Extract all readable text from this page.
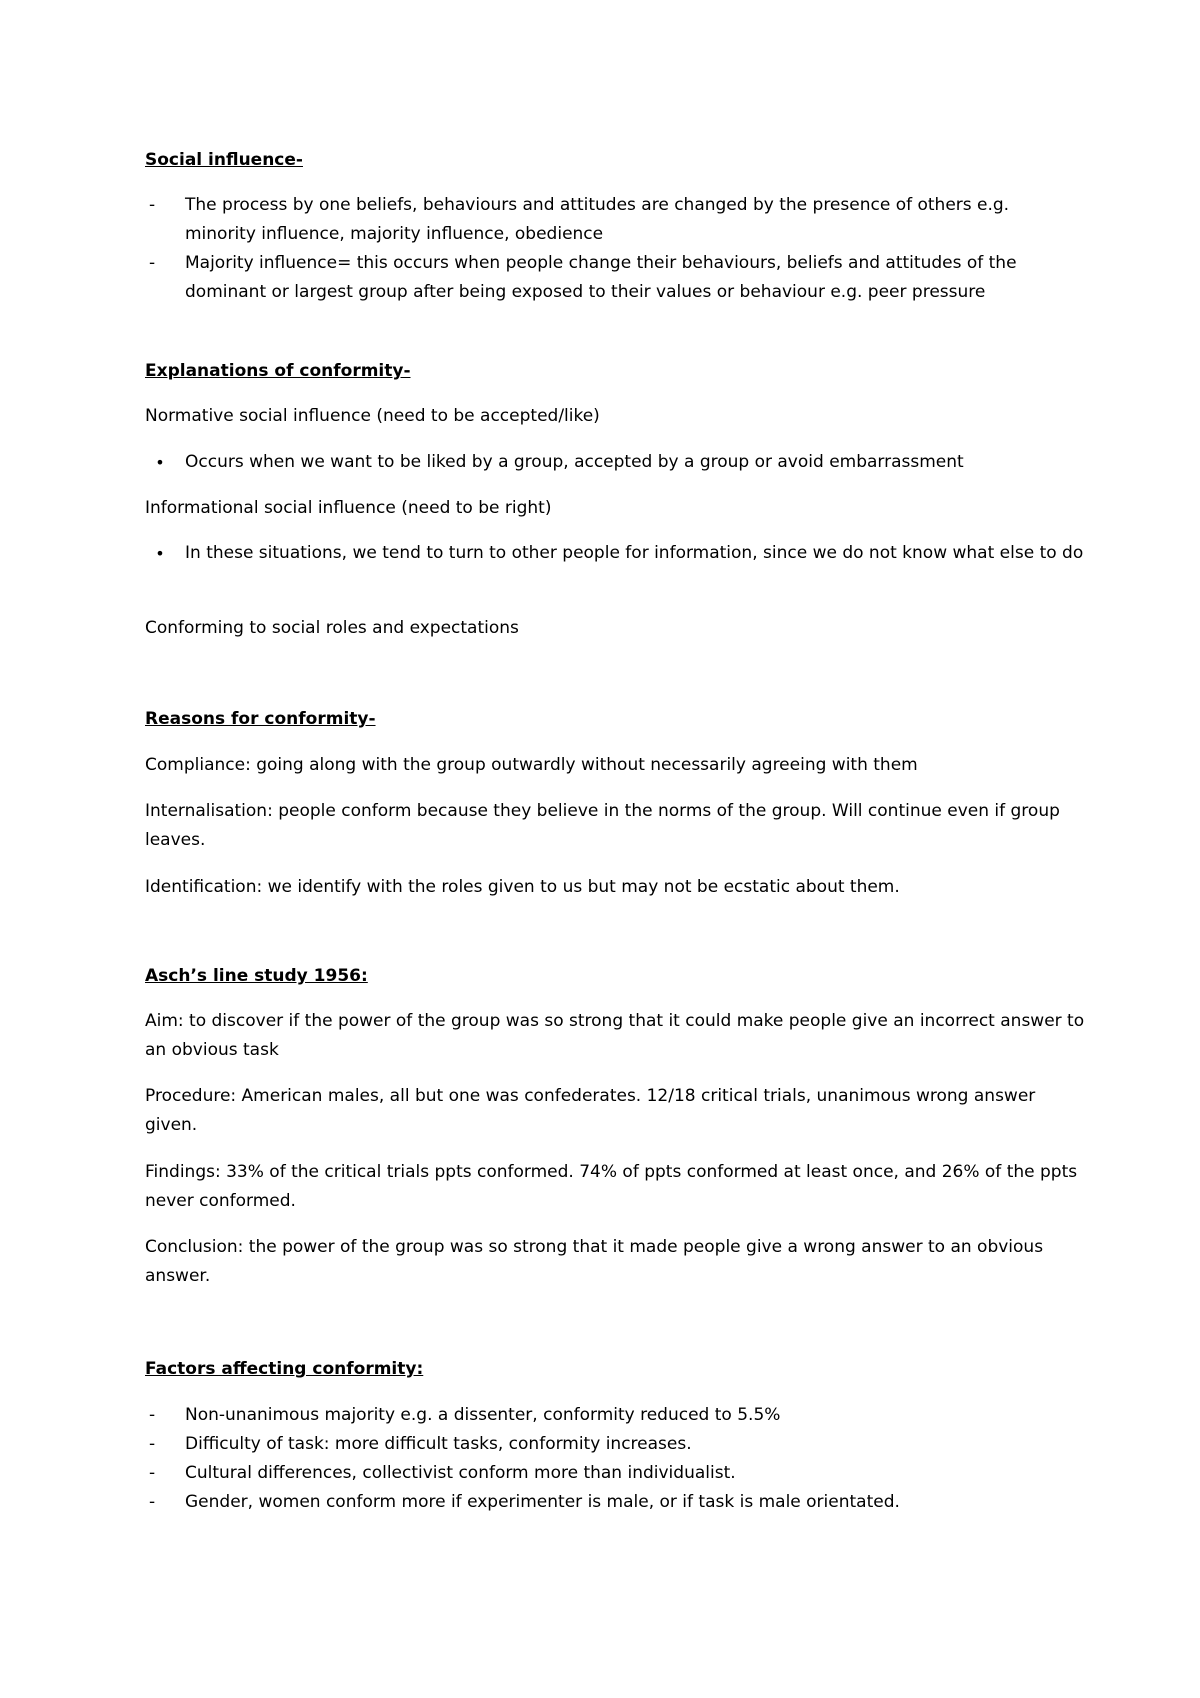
Social influence-
-	The process by one beliefs, behaviours and attitudes are changed by the presence of others e.g. minority influence, majority influence, obedience
-	Majority influence= this occurs when people change their behaviours, beliefs and attitudes of the dominant or largest group after being exposed to their values or behaviour e.g. peer pressure
Explanations of conformity-
Normative social influence (need to be accepted/like)
•	Occurs when we want to be liked by a group, accepted by a group or avoid embarrassment
Informational social influence (need to be right)
•	In these situations, we tend to turn to other people for information, since we do not know what else to do
Conforming to social roles and expectations
Reasons for conformity-
Compliance: going along with the group outwardly without necessarily agreeing with them
Internalisation: people conform because they believe in the norms of the group. Will continue even if group leaves.
Identification: we identify with the roles given to us but may not be ecstatic about them.
Asch’s line study 1956:
Aim: to discover if the power of the group was so strong that it could make people give an incorrect answer to an obvious task
Procedure: American males, all but one was confederates. 12/18 critical trials, unanimous wrong answer given.
Findings: 33% of the critical trials ppts conformed. 74% of ppts conformed at least once, and 26% of the ppts never conformed.
Conclusion: the power of the group was so strong that it made people give a wrong answer to an obvious answer.
Factors affecting conformity:
-	Non-unanimous majority e.g. a dissenter, conformity reduced to 5.5%
-	Difficulty of task: more difficult tasks, conformity increases.
-	Cultural differences, collectivist conform more than individualist.
-	Gender, women conform more if experimenter is male, or if task is male orientated.
